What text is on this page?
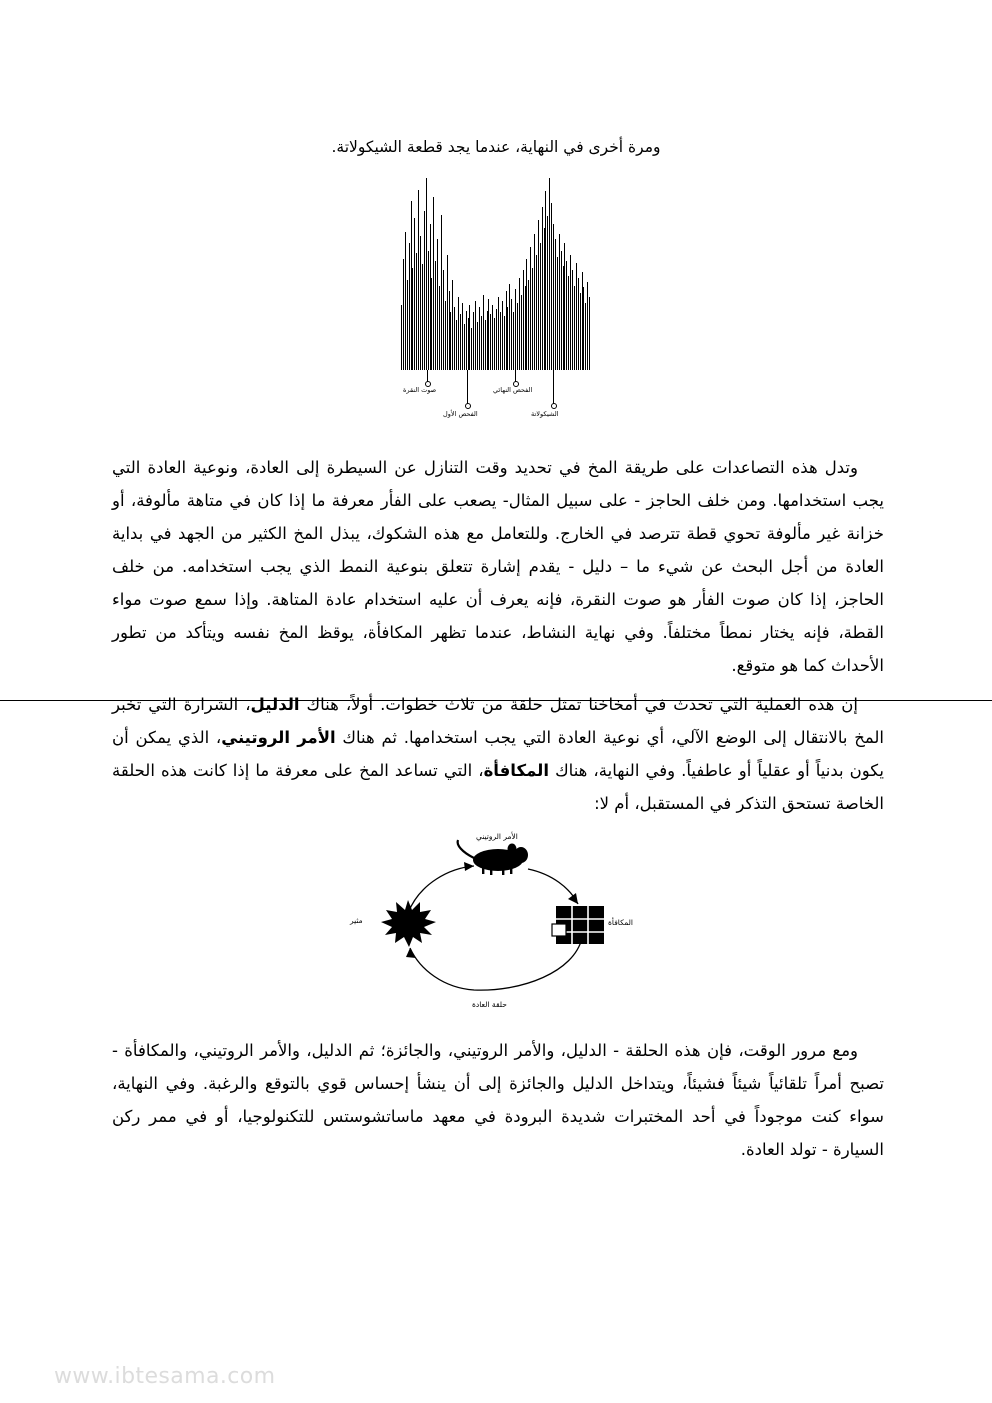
ومرة أخرى في النهاية، عندما يجد قطعة الشيكولاتة.
صوت النقرة	الفحص النهائي
الفحص الأول	الشيكولاتة
وتدل هذه التصاعدات على طريقة المخ في تحديد وقت التنازل عن السيطرة إلى العادة، ونوعية العادة التي يجب استخدامها. ومن خلف الحاجز - على سبيل المثال- يصعب على الفأر معرفة ما إذا كان في متاهة مألوفة، أو خزانة غير مألوفة تحوي قطة تترصد في الخارج. وللتعامل مع هذه الشكوك، يبذل المخ الكثير من الجهد في بداية العادة من أجل البحث عن شيء ما – دليل - يقدم إشارة تتعلق بنوعية النمط الذي يجب استخدامه. من خلف الحاجز، إذا كان صوت الفأر هو صوت النقرة، فإنه يعرف أن عليه استخدام عادة المتاهة. وإذا سمع صوت مواء القطة، فإنه يختار نمطاً مختلفاً. وفي نهاية النشاط، عندما تظهر المكافأة، يوقظ المخ نفسه ويتأكد من تطور الأحداث كما هو متوقع.
إن هذه العملية التي تحدث في أمخاخنا تمثل حلقة من ثلاث خطوات. أولاً، هناك الدليل، الشرارة التي تخبر المخ بالانتقال إلى الوضع الآلي، أي نوعية العادة التي يجب استخدامها. ثم هناك الأمر الروتيني، الذي يمكن أن يكون بدنياً أو عقلياً أو عاطفياً. وفي النهاية، هناك المكافأة، التي تساعد المخ على معرفة ما إذا كانت هذه الحلقة الخاصة تستحق التذكر في المستقبل، أم لا:
الأمر الروتيني
مثير	المكافأة
حلقة العادة
ومع مرور الوقت، فإن هذه الحلقة - الدليل، والأمر الروتيني، والجائزة؛ ثم الدليل، والأمر الروتيني، والمكافأة - تصبح أمراً تلقائياً شيئاً فشيئاً، ويتداخل الدليل والجائزة إلى أن ينشأ إحساس قوي بالتوقع والرغبة. وفي النهاية، سواء كنت موجوداً في أحد المختبرات شديدة البرودة في معهد ماساتشوستس للتكنولوجيا، أو في ممر ركن السيارة - تولد العادة.
www.ibtesama.com
